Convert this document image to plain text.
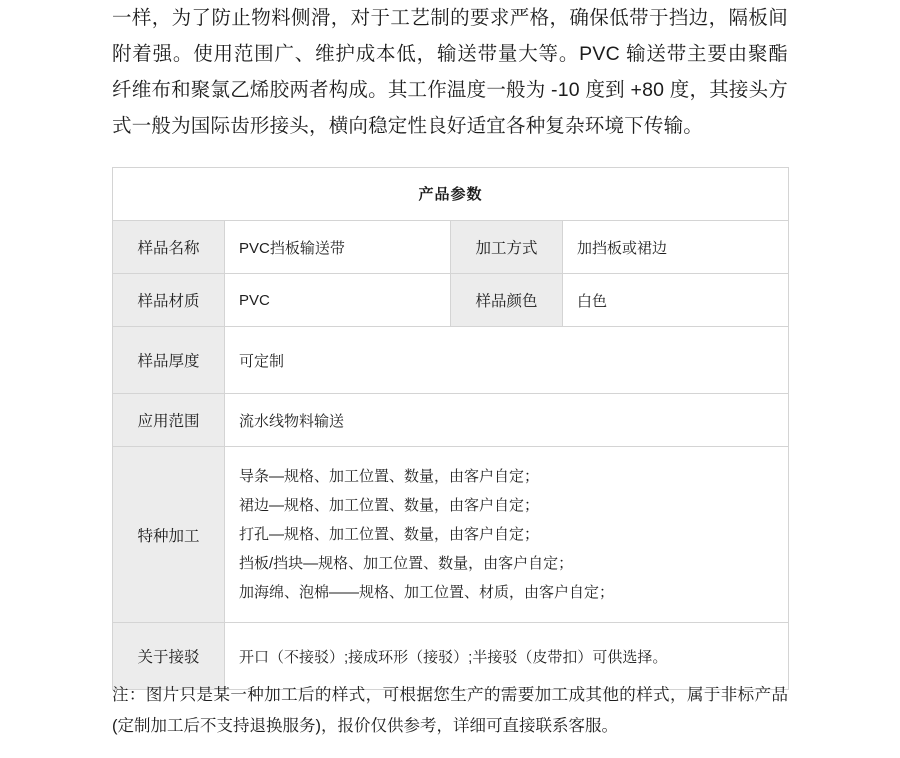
一样，为了防止物料侧滑，对于工艺制的要求严格，确保低带于挡边，隔板间附着强。使用范围广、维护成本低，输送带量大等。PVC 输送带主要由聚酯纤维布和聚氯乙烯胶两者构成。其工作温度一般为 -10 度到 +80 度，其接头方式一般为国际齿形接头，横向稳定性良好适宜各种复杂环境下传输。
产品参数			
样品名称	PVC挡板输送带	加工方式	加挡板或裙边
样品材质	PVC	样品颜色	白色
样品厚度	可定制		
应用范围	流水线物料输送		
特种加工	导条—规格、加工位置、数量，由客户自定；
裙边—规格、加工位置、数量，由客户自定；
打孔—规格、加工位置、数量，由客户自定；
挡板/挡块—规格、加工位置、数量，由客户自定；
加海绵、泡棉——规格、加工位置、材质，由客户自定；		

关于接驳	开口（不接驳）;接成环形（接驳）;半接驳（皮带扣）可供选择。		
注：图片只是某一种加工后的样式，可根据您生产的需要加工成其他的样式，属于非标产品(定制加工后不支持退换服务)，报价仅供参考，详细可直接联系客服。
